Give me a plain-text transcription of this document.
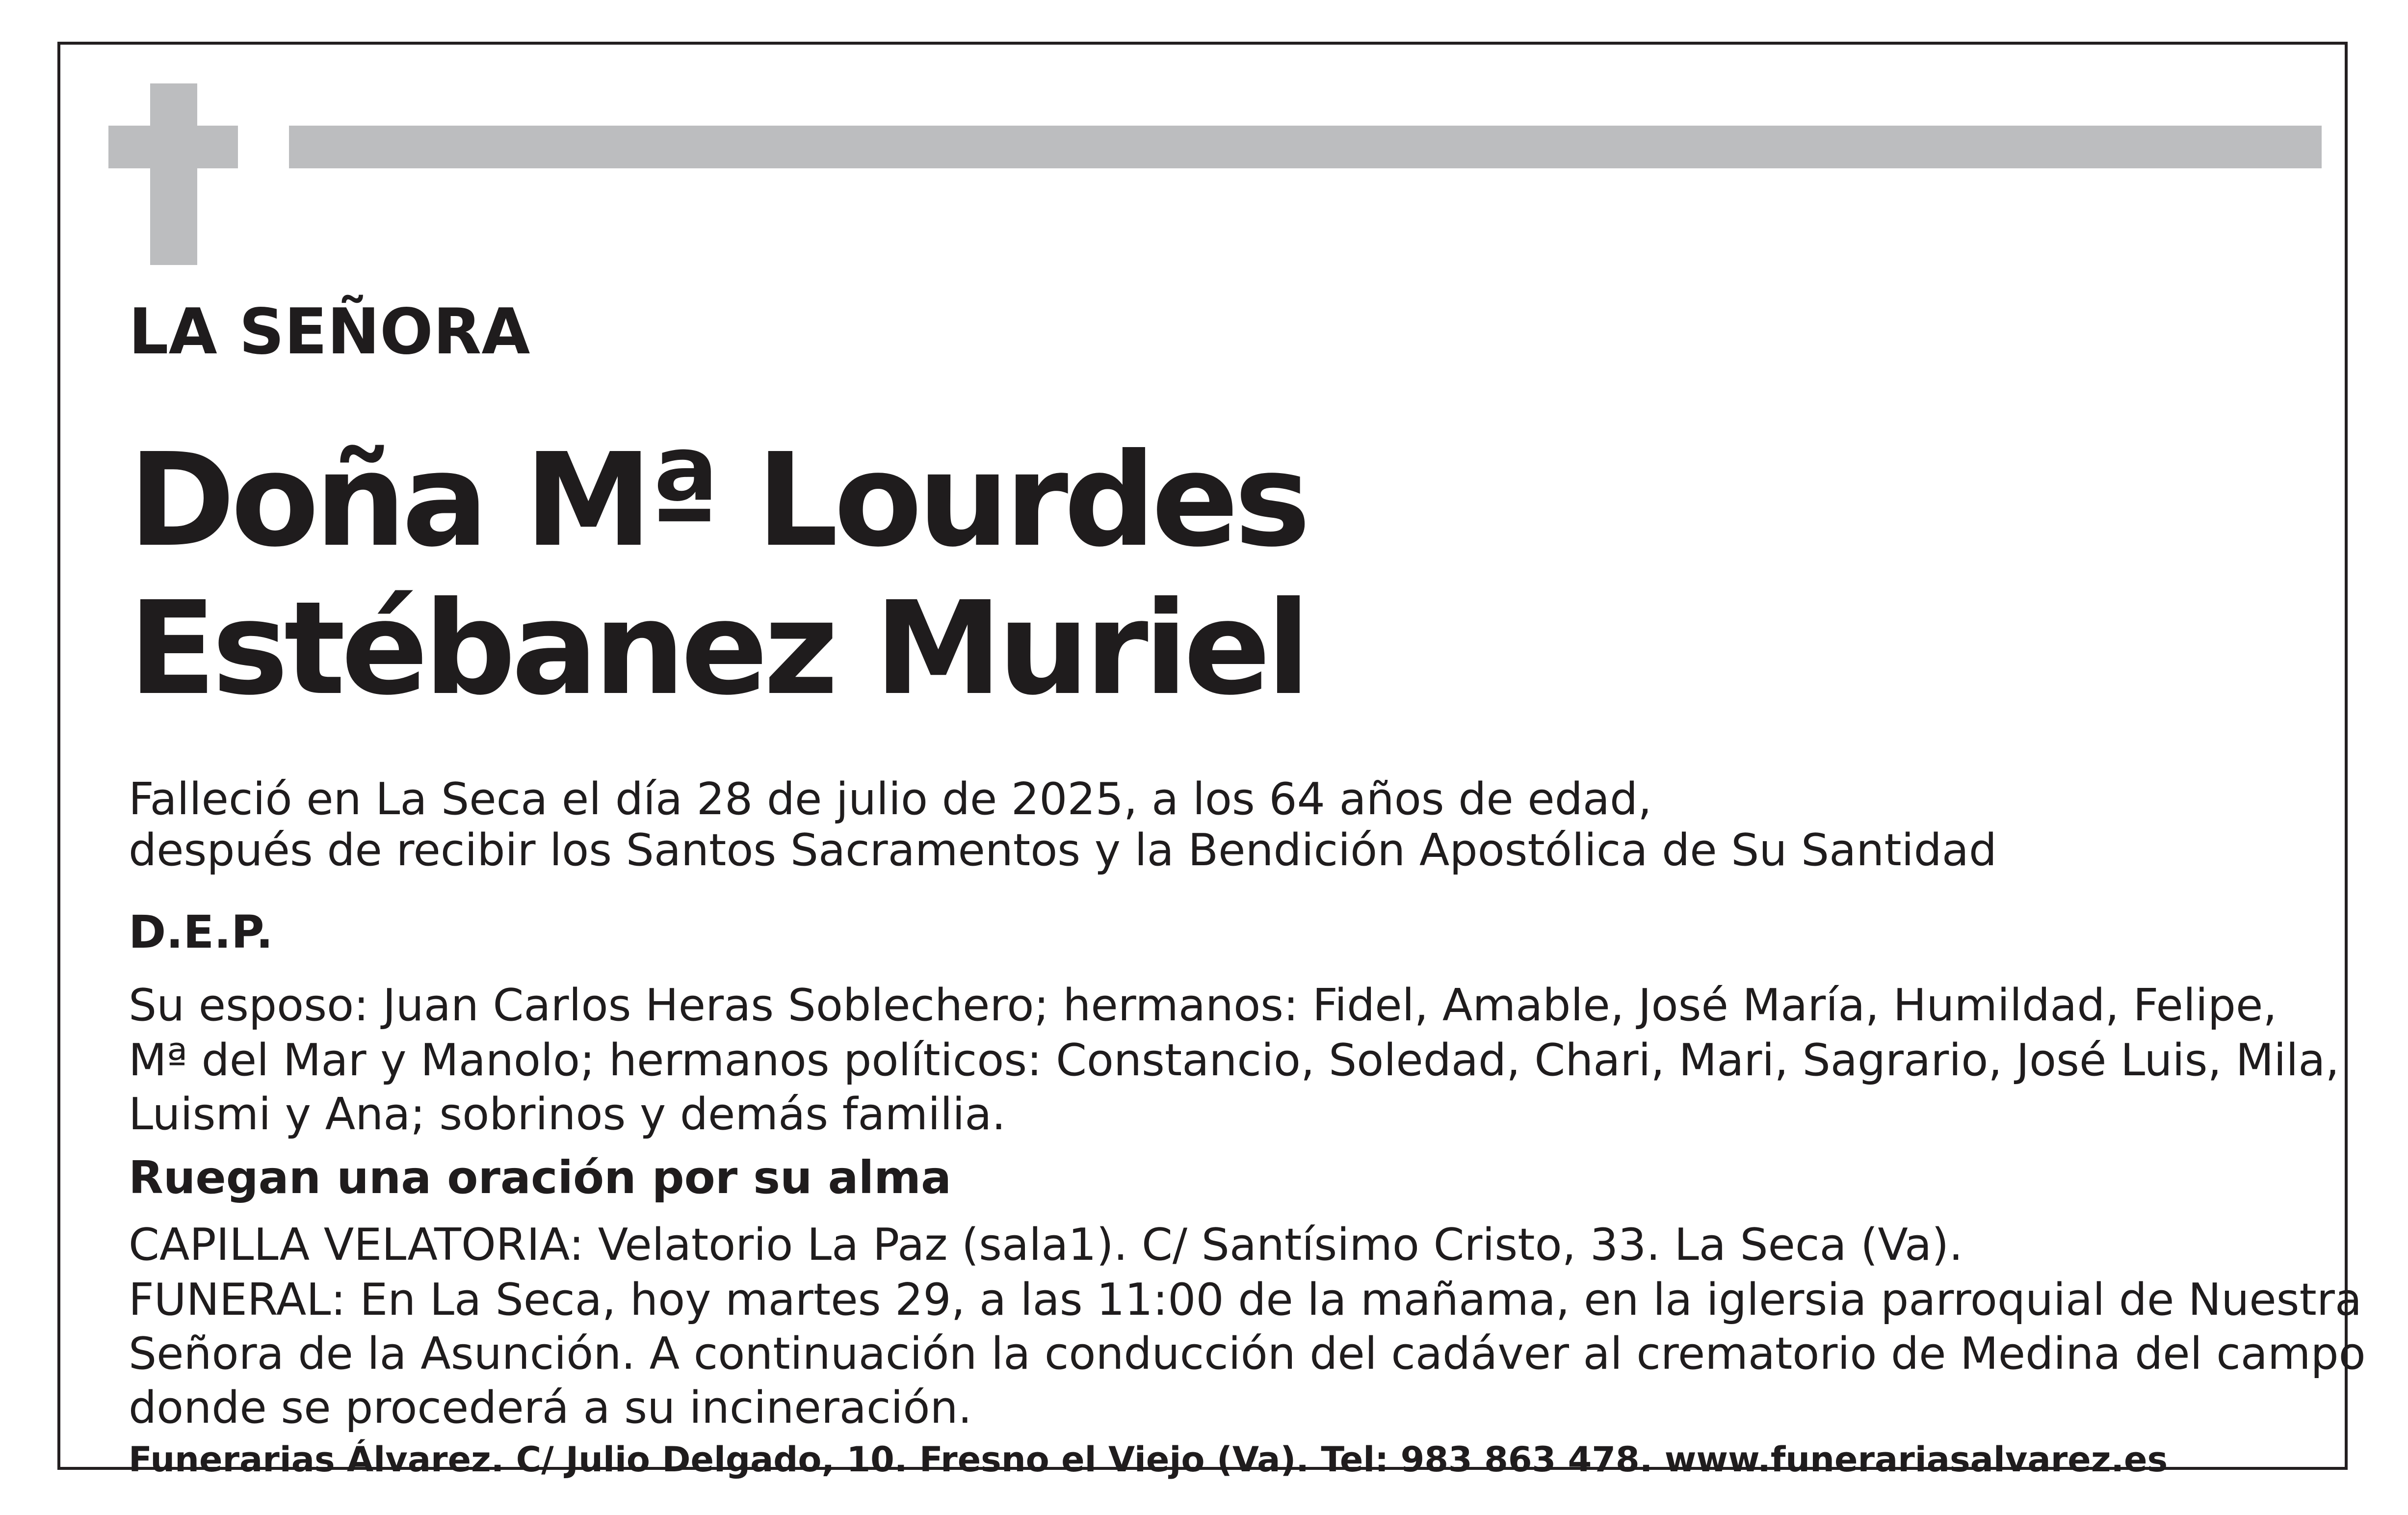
LA SEÑORA
Doña Mª Lourdes
Estébanez Muriel
Falleció en La Seca el día 28 de julio de 2025, a los 64 años de edad,
después de recibir los Santos Sacramentos y la Bendición Apostólica de Su Santidad
D.E.P.
Su esposo: Juan Carlos Heras Soblechero; hermanos: Fidel, Amable, José María, Humildad, Felipe,
Mª del Mar y Manolo; hermanos políticos: Constancio, Soledad, Chari, Mari, Sagrario, José Luis, Mila,
Luismi y Ana; sobrinos y demás familia.
Ruegan una oración por su alma
CAPILLA VELATORIA: Velatorio La Paz (sala1). C/ Santísimo Cristo, 33. La Seca (Va).
FUNERAL: En La Seca, hoy martes 29, a las 11:00 de la mañama, en la iglersia parroquial de Nuestra
Señora de la Asunción. A continuación la conducción del cadáver al crematorio de Medina del campo
donde se procederá a su incineración.
Funerarias Álvarez. C/ Julio Delgado, 10. Fresno el Viejo (Va). Tel: 983 863 478. www.funerariasalvarez.es
